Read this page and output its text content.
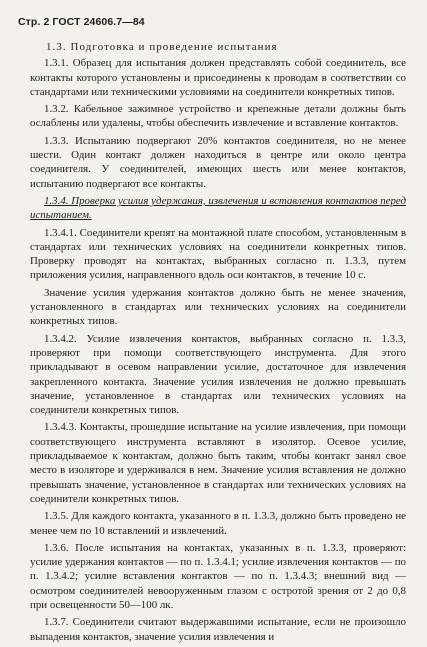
Стр. 2 ГОСТ 24606.7—84

1.3. Подготовка и проведение испытания

1.3.1. Образец для испытания должен представлять собой соединитель, все контакты которого установлены и присоединены к проводам в соответствии со стандартами или техническими условиями на соединители конкретных типов.

1.3.2. Кабельное зажимное устройство и крепежные детали должны быть ослаблены или удалены, чтобы обеспечить извлечение и вставление контактов.

1.3.3. Испытанию подвергают 20% контактов соединителя, но не менее шести. Один контакт должен находиться в центре или около центра соединителя. У соединителей, имеющих шесть или менее контактов, испытанию подвергают все контакты.

1.3.4. Проверка усилия удержания, извлечения и вставления контактов перед испытанием.

1.3.4.1. Соединители крепят на монтажной плате способом, установленным в стандартах или технических условиях на соединители конкретных типов. Проверку проводят на контактах, выбранных согласно п. 1.3.3, путем приложения усилия, направленного вдоль оси контактов, в течение 10 с.

Значение усилия удержания контактов должно быть не менее значения, установленного в стандартах или технических условиях на соединители конкретных типов.

1.3.4.2. Усилие извлечения контактов, выбранных согласно п. 1.3.3, проверяют при помощи соответствующего инструмента. Для этого прикладывают в осевом направлении усилие, достаточное для извлечения закрепленного контакта. Значение усилия извлечения не должно превышать значение, установленное в стандартах или технических условиях на соединители конкретных типов.

1.3.4.3. Контакты, прошедшие испытание на усилие извлечения, при помощи соответствующего инструмента вставляют в изолятор. Осевое усилие, прикладываемое к контактам, должно быть таким, чтобы контакт занял свое место в изоляторе и удерживался в нем. Значение усилия вставления не должно превышать значение, установленное в стандартах или технических условиях на соединители конкретных типов.

1.3.5. Для каждого контакта, указанного в п. 1.3.3, должно быть проведено не менее чем по 10 вставлений и извлечений.

1.3.6. После испытания на контактах, указанных в п. 1.3.3, проверяют: усилие удержания контактов — по п. 1.3.4.1; усилие извлечения контактов — по п. 1.3.4.2; усилие вставления контактов — по п. 1.3.4.3; внешний вид — осмотром соединителей невооруженным глазом с остротой зрения от 2 до 0,8 при освещенности 50—100 лк.

1.3.7. Соединители считают выдержавшими испытание, если не произошло выпадения контактов, значение усилия извлечения и
